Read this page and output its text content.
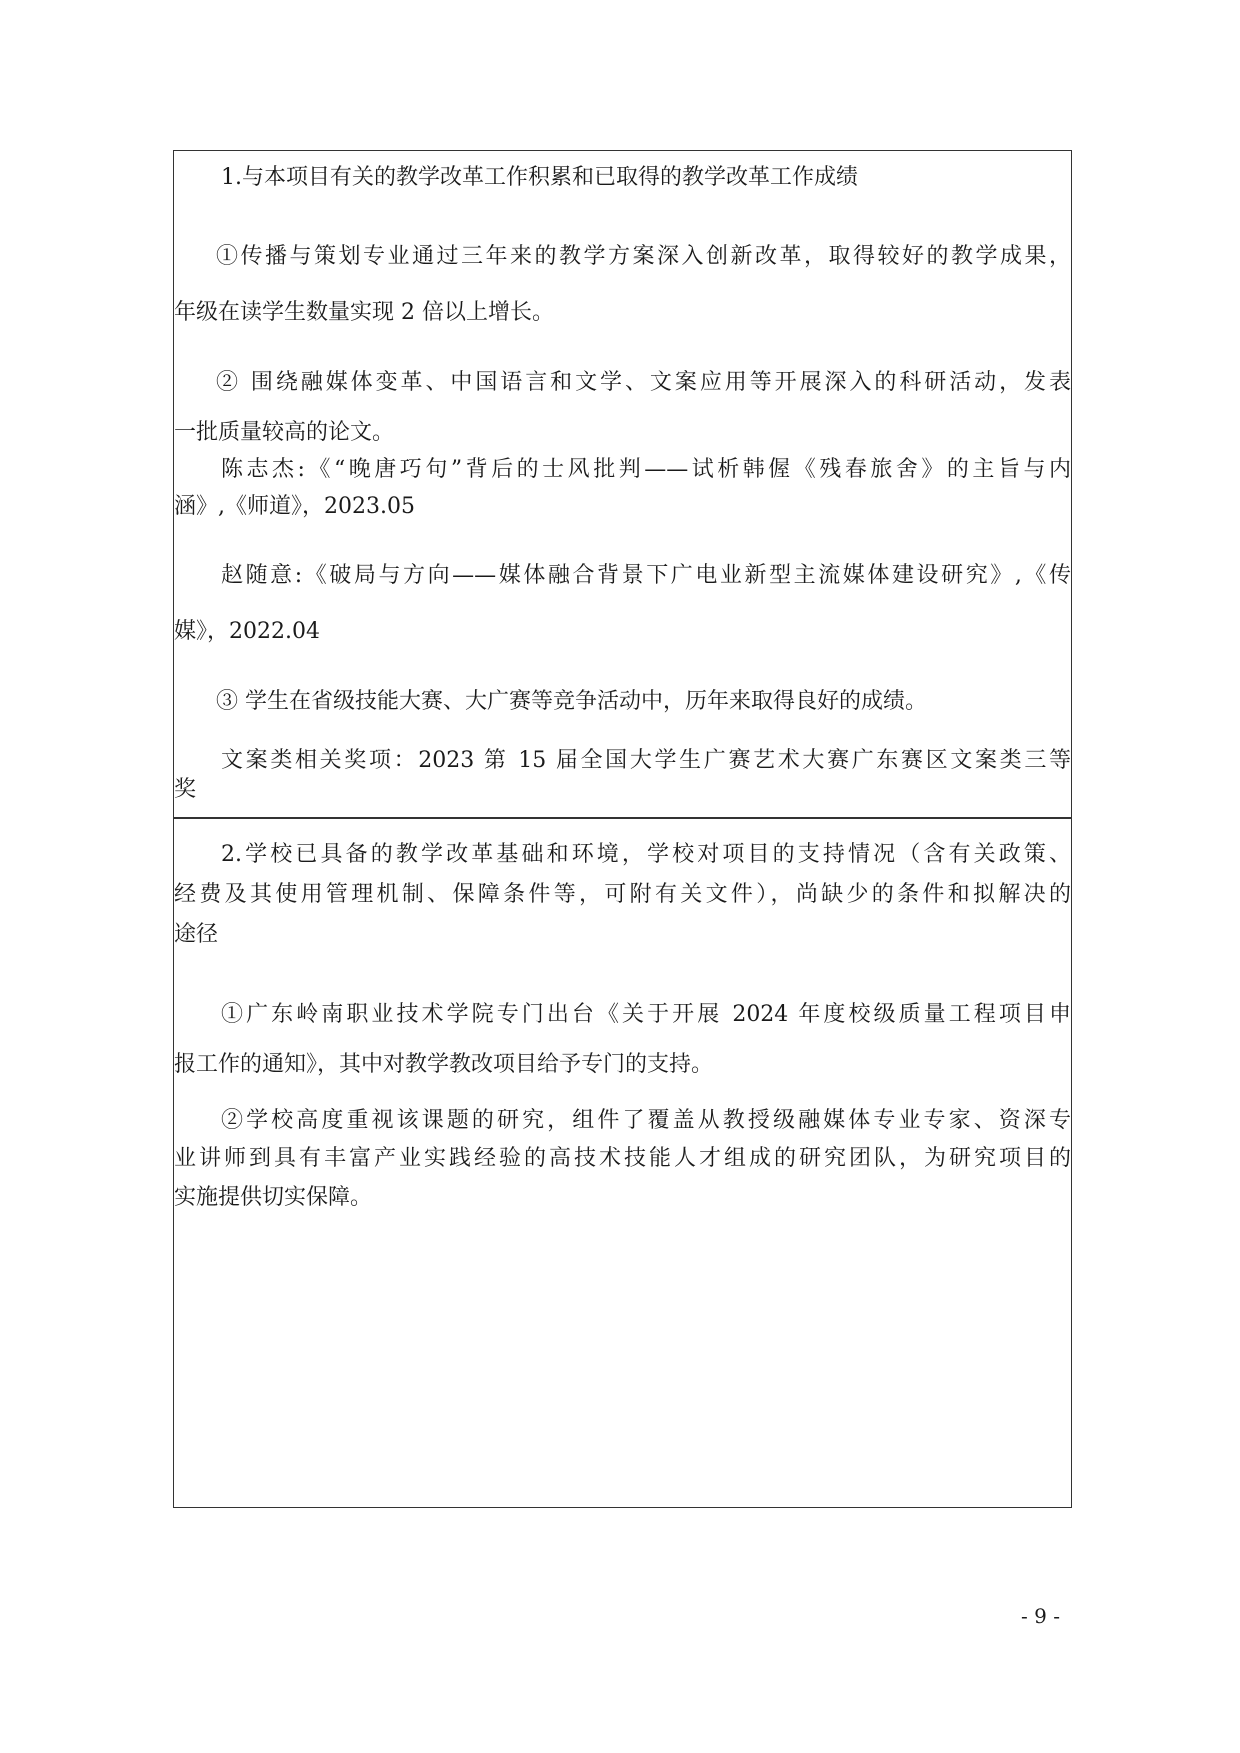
1.与本项目有关的教学改革工作积累和已取得的教学改革工作成绩

①传播与策划专业通过三年来的教学方案深入创新改革，取得较好的教学成果，

年级在读学生数量实现 2 倍以上增长。

② 围绕融媒体变革、中国语言和文学、文案应用等开展深入的科研活动，发表

一批质量较高的论文。

陈志杰:《“晚唐巧句”背后的士风批判——试析韩偓《残春旅舍》的主旨与内

涵》,《师道》，2023.05

赵随意:《破局与方向——媒体融合背景下广电业新型主流媒体建设研究》,《传

媒》，2022.04

③ 学生在省级技能大赛、大广赛等竞争活动中，历年来取得良好的成绩。

文案类相关奖项：2023 第 15 届全国大学生广赛艺术大赛广东赛区文案类三等

奖

2.学校已具备的教学改革基础和环境，学校对项目的支持情况（含有关政策、

经费及其使用管理机制、保障条件等，可附有关文件），尚缺少的条件和拟解决的

途径

①广东岭南职业技术学院专门出台《关于开展 2024 年度校级质量工程项目申

报工作的通知》，其中对教学教改项目给予专门的支持。

②学校高度重视该课题的研究，组件了覆盖从教授级融媒体专业专家、资深专

业讲师到具有丰富产业实践经验的高技术技能人才组成的研究团队，为研究项目的

实施提供切实保障。

- 9 -
